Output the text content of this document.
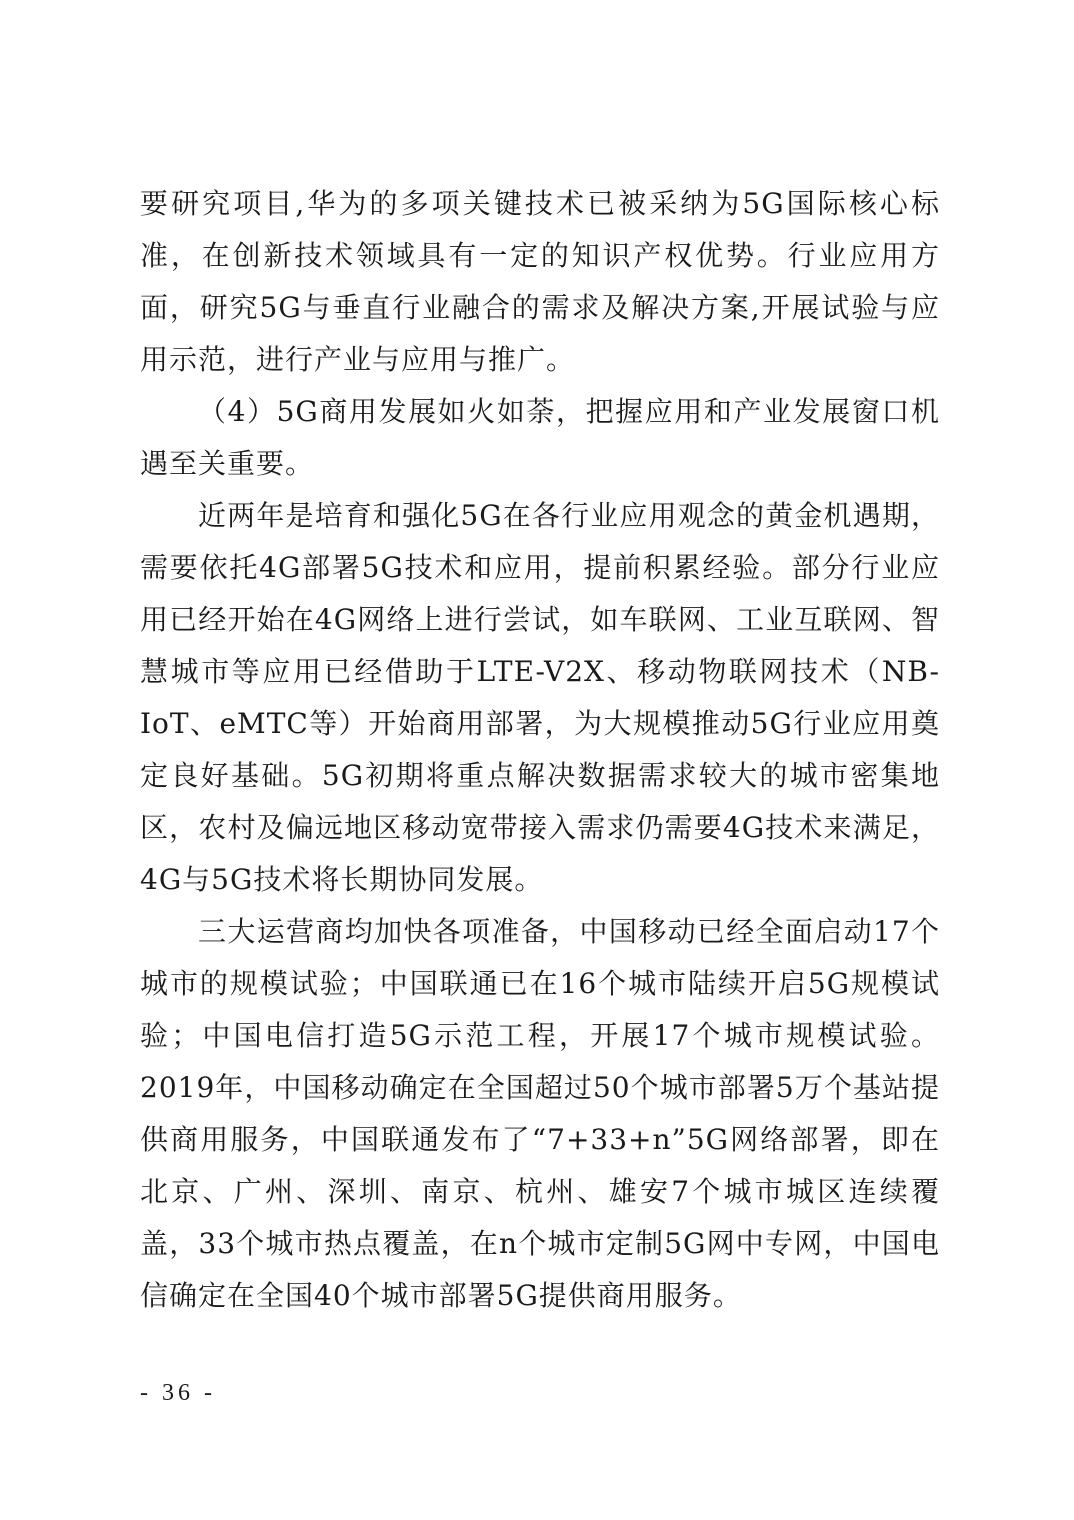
要研究项目,华为的多项关键技术已被采纳为5G国际核心标准，在创新技术领域具有一定的知识产权优势。行业应用方面，研究5G与垂直行业融合的需求及解决方案,开展试验与应用示范，进行产业与应用与推广。

（4）5G商用发展如火如荼，把握应用和产业发展窗口机遇至关重要。

近两年是培育和强化5G在各行业应用观念的黄金机遇期，需要依托4G部署5G技术和应用，提前积累经验。部分行业应用已经开始在4G网络上进行尝试，如车联网、工业互联网、智慧城市等应用已经借助于LTE-V2X、移动物联网技术（NB-IoT、eMTC等）开始商用部署，为大规模推动5G行业应用奠定良好基础。5G初期将重点解决数据需求较大的城市密集地区，农村及偏远地区移动宽带接入需求仍需要4G技术来满足，4G与5G技术将长期协同发展。

三大运营商均加快各项准备，中国移动已经全面启动17个城市的规模试验；中国联通已在16个城市陆续开启5G规模试验；中国电信打造5G示范工程，开展17个城市规模试验。2019年，中国移动确定在全国超过50个城市部署5万个基站提供商用服务，中国联通发布了“7+33+n”5G网络部署，即在北京、广州、深圳、南京、杭州、雄安7个城市城区连续覆盖，33个城市热点覆盖，在n个城市定制5G网中专网，中国电信确定在全国40个城市部署5G提供商用服务。

- 36 -
